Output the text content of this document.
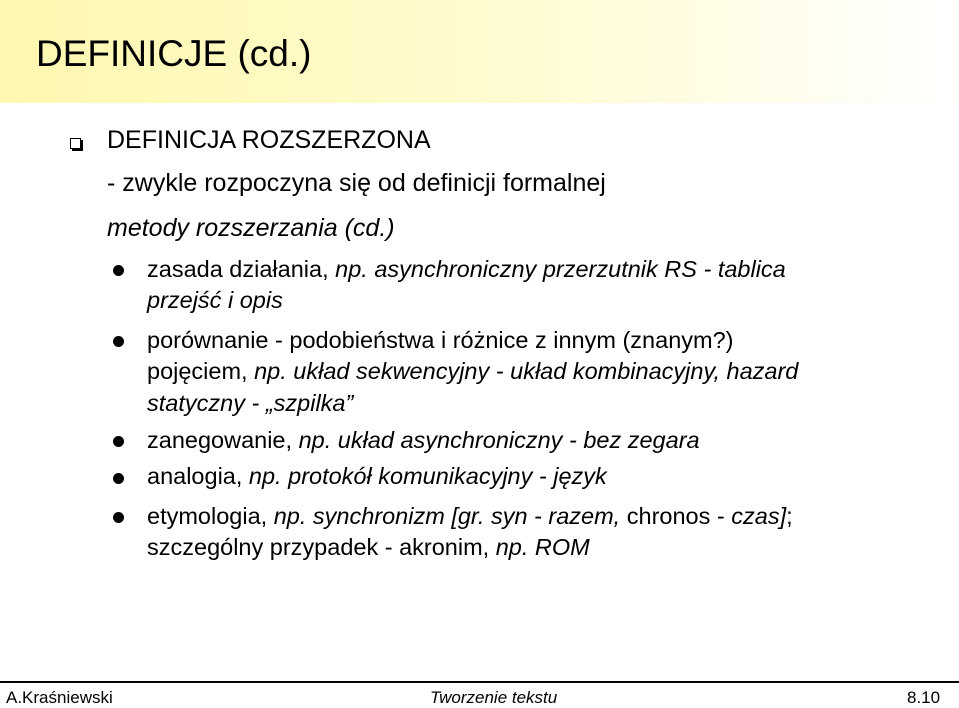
DEFINICJE (cd.)
DEFINICJA ROZSZERZONA
- zwykle rozpoczyna się od definicji formalnej
metody rozszerzania (cd.)
zasada działania, np. asynchroniczny przerzutnik RS - tablica
przejść i opis
porównanie - podobieństwa i różnice z innym (znanym?)
pojęciem, np. układ sekwencyjny - układ kombinacyjny, hazard
statyczny - „szpilka”
zanegowanie, np. układ asynchroniczny - bez zegara
analogia, np. protokół komunikacyjny - język
etymologia, np. synchronizm [gr. syn - razem, chronos - czas];
szczególny przypadek - akronim, np. ROM
A.Kraśniewski	Tworzenie tekstu	8.10
